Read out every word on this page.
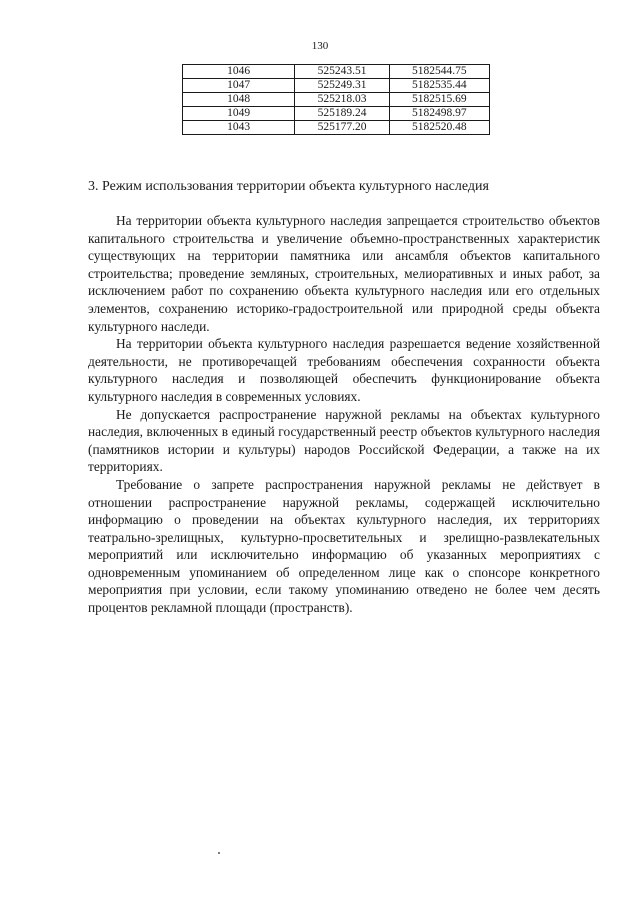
130
1046	525243.51	5182544.75
1047	525249.31	5182535.44
1048	525218.03	5182515.69
1049	525189.24	5182498.97
1043	525177.20	5182520.48
3. Режим использования территории объекта культурного наследия

На территории объекта культурного наследия запрещается строительство объектов капитального строительства и увеличение объемно-пространственных характеристик существующих на территории памятника или ансамбля объектов капитального строительства; проведение земляных, строительных, мелиоративных и иных работ, за исключением работ по сохранению объекта культурного наследия или его отдельных элементов, сохранению историко-градостроительной или природной среды объекта культурного наследи.

На территории объекта культурного наследия разрешается ведение хозяйственной деятельности, не противоречащей требованиям обеспечения сохранности объекта культурного наследия и позволяющей обеспечить функционирование объекта культурного наследия в современных условиях.

Не допускается распространение наружной рекламы на объектах культурного наследия, включенных в единый государственный реестр объектов культурного наследия (памятников истории и культуры) народов Российской Федерации, а также на их территориях.

Требование о запрете распространения наружной рекламы не действует в отношении распространение наружной рекламы, содержащей исключительно информацию о проведении на объектах культурного наследия, их территориях театрально-зрелищных, культурно-просветительных и зрелищно-развлекательных мероприятий или исключительно информацию об указанных мероприятиях с одновременным упоминанием об определенном лице как о спонсоре конкретного мероприятия при условии, если такому упоминанию отведено не более чем десять процентов рекламной площади (пространств).
